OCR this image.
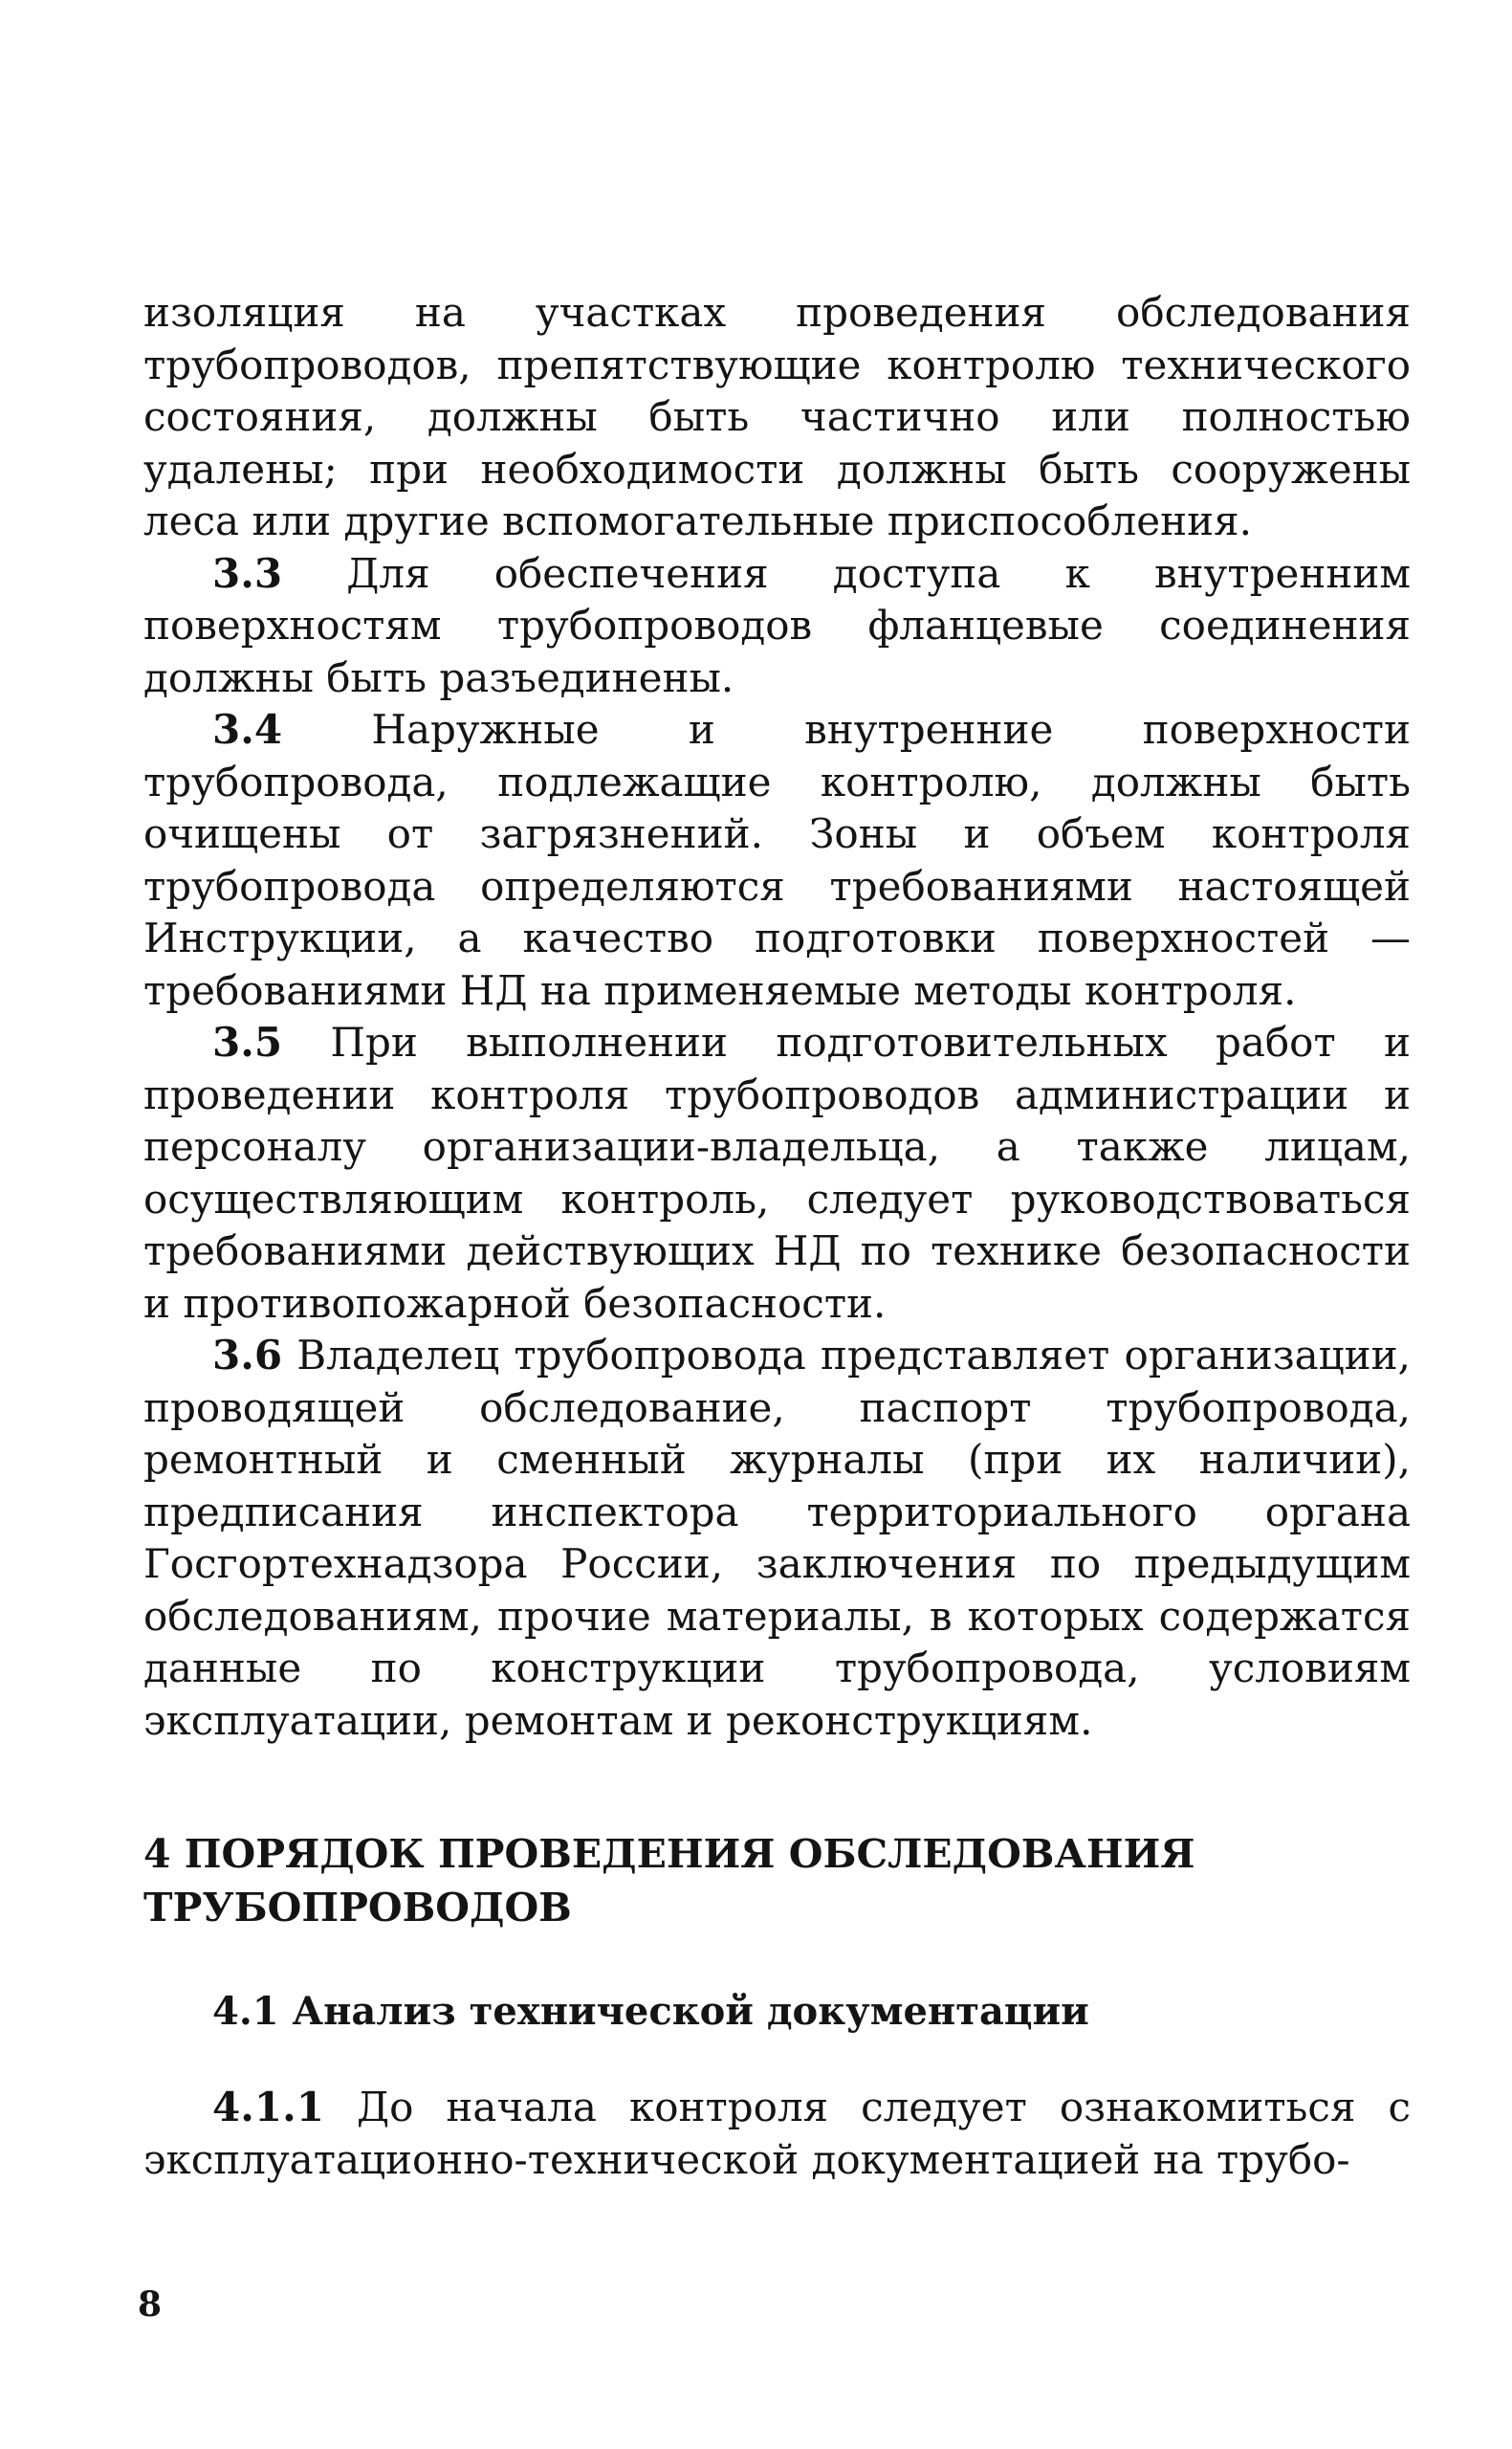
изоляция на участках проведения обследования трубопроводов, препятствующие контролю технического состояния, должны быть частично или полностью удалены; при необходимости должны быть сооружены леса или другие вспомогательные приспособления.

3.3 Для обеспечения доступа к внутренним поверхностям трубопроводов фланцевые соединения должны быть разъединены.

3.4 Наружные и внутренние поверхности трубопровода, подлежащие контролю, должны быть очищены от загрязнений. Зоны и объем контроля трубопровода определяются требованиями настоящей Инструкции, а качество подготовки поверхностей — требованиями НД на применяемые методы контроля.

3.5 При выполнении подготовительных работ и проведении контроля трубопроводов администрации и персоналу организации-владельца, а также лицам, осуществляющим контроль, следует руководствоваться требованиями действующих НД по технике безопасности и противопожарной безопасности.

3.6 Владелец трубопровода представляет организации, проводящей обследование, паспорт трубопровода, ремонтный и сменный журналы (при их наличии), предписания инспектора территориального органа Госгортехнадзора России, заключения по предыдущим обследованиям, прочие материалы, в которых содержатся данные по конструкции трубопровода, условиям эксплуатации, ремонтам и реконструкциям.

4 ПОРЯДОК ПРОВЕДЕНИЯ ОБСЛЕДОВАНИЯ ТРУБОПРОВОДОВ
4.1 Анализ технической документации

4.1.1 До начала контроля следует ознакомиться с эксплуатационно-технической документацией на трубо-

8
